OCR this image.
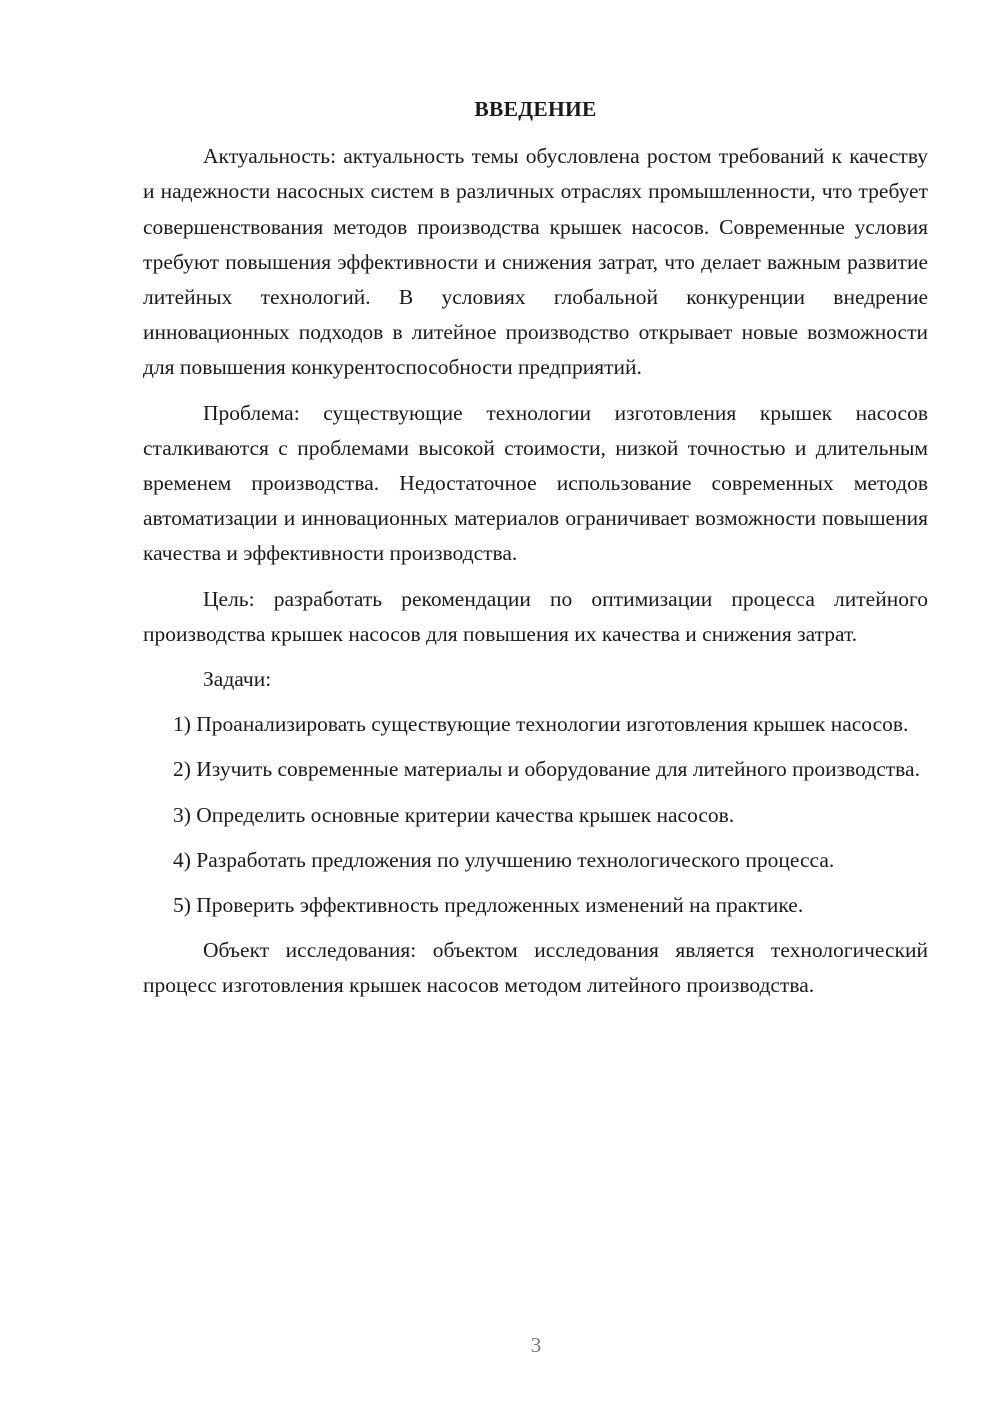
ВВЕДЕНИЕ

Актуальность: актуальность темы обусловлена ростом требований к качеству и надежности насосных систем в различных отраслях промышленности, что требует совершенствования методов производства крышек насосов. Современные условия требуют повышения эффективности и снижения затрат, что делает важным развитие литейных технологий. В условиях глобальной конкуренции внедрение инновационных подходов в литейное производство открывает новые возможности для повышения конкурентоспособности предприятий.

Проблема: существующие технологии изготовления крышек насосов сталкиваются с проблемами высокой стоимости, низкой точностью и длительным временем производства. Недостаточное использование современных методов автоматизации и инновационных материалов ограничивает возможности повышения качества и эффективности производства.

Цель: разработать рекомендации по оптимизации процесса литейного производства крышек насосов для повышения их качества и снижения затрат.

Задачи:

1) Проанализировать существующие технологии изготовления крышек насосов.

2) Изучить современные материалы и оборудование для литейного производства.

3) Определить основные критерии качества крышек насосов.

4) Разработать предложения по улучшению технологического процесса.

5) Проверить эффективность предложенных изменений на практике.

Объект исследования: объектом исследования является технологический процесс изготовления крышек насосов методом литейного производства.

3
